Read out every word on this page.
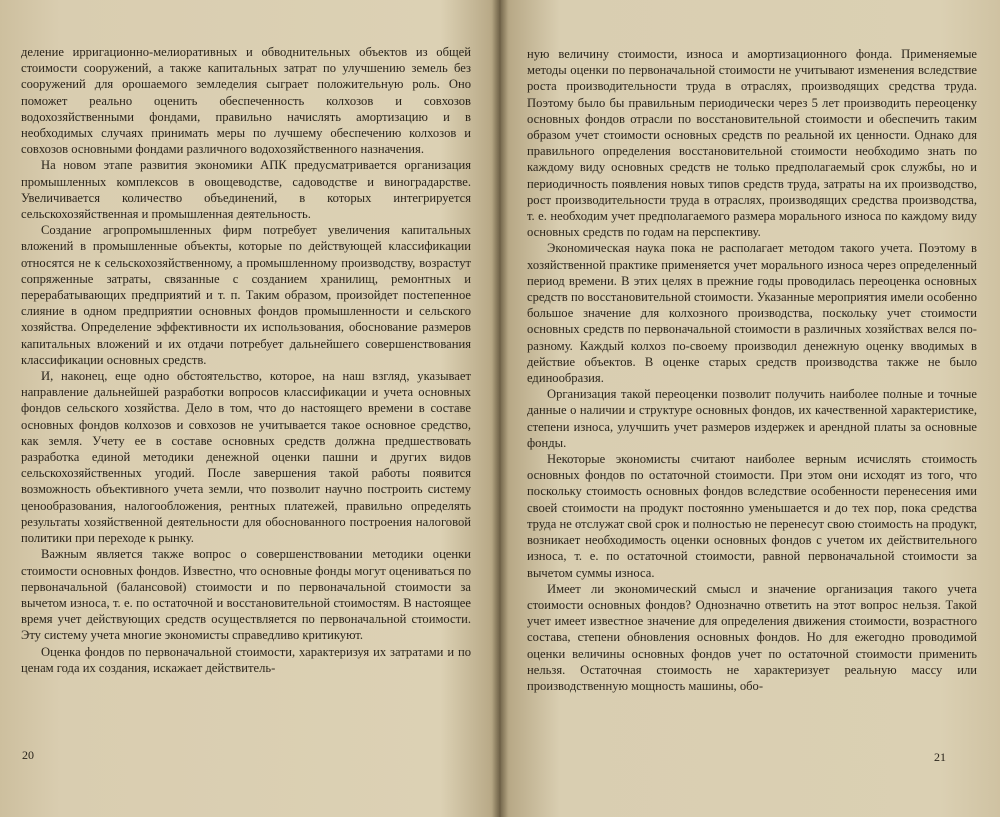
деление ирригационно-мелиоративных и обводнительных объектов из общей стоимости сооружений, а также капитальных затрат по улучшению земель без сооружений для орошаемого земледелия сыграет положительную роль. Оно поможет реально оценить обеспеченность колхозов и совхозов водохозяйственными фондами, правильно начислять амортизацию и в необходимых случаях принимать меры по лучшему обеспечению колхозов и совхозов основными фондами различного водохозяйственного назначения.

На новом этапе развития экономики АПК предусматривается организация промышленных комплексов в овощеводстве, садоводстве и виноградарстве. Увеличивается количество объединений, в которых интегрируется сельскохозяйственная и промышленная деятельность.

Создание агропромышленных фирм потребует увеличения капитальных вложений в промышленные объекты, которые по действующей классификации относятся не к сельскохозяйственному, а промышленному производству, возрастут сопряженные затраты, связанные с созданием хранилищ, ремонтных и перерабатывающих предприятий и т. п. Таким образом, произойдет постепенное слияние в одном предприятии основных фондов промышленности и сельского хозяйства. Определение эффективности их использования, обоснование размеров капитальных вложений и их отдачи потребует дальнейшего совершенствования классификации основных средств.

И, наконец, еще одно обстоятельство, которое, на наш взгляд, указывает направление дальнейшей разработки вопросов классификации и учета основных фондов сельского хозяйства. Дело в том, что до настоящего времени в составе основных фондов колхозов и совхозов не учитывается такое основное средство, как земля. Учету ее в составе основных средств должна предшествовать разработка единой методики денежной оценки пашни и других видов сельскохозяйственных угодий. После завершения такой работы появится возможность объективного учета земли, что позволит научно построить систему ценообразования, налогообложения, рентных платежей, правильно определять результаты хозяйственной деятельности для обоснованного построения налоговой политики при переходе к рынку.

Важным является также вопрос о совершенствовании методики оценки стоимости основных фондов. Известно, что основные фонды могут оцениваться по первоначальной (балансовой) стоимости и по первоначальной стоимости за вычетом износа, т. е. по остаточной и восстановительной стоимостям. В настоящее время учет действующих средств осуществляется по первоначальной стоимости. Эту систему учета многие экономисты справедливо критикуют.

Оценка фондов по первоначальной стоимости, характеризуя их затратами и по ценам года их создания, искажает действитель-

20

ную величину стоимости, износа и амортизационного фонда. Применяемые методы оценки по первоначальной стоимости не учитывают изменения вследствие роста производительности труда в отраслях, производящих средства труда. Поэтому было бы правильным периодически через 5 лет производить переоценку основных фондов отрасли по восстановительной стоимости и обеспечить таким образом учет стоимости основных средств по реальной их ценности. Однако для правильного определения восстановительной стоимости необходимо знать по каждому виду основных средств не только предполагаемый срок службы, но и периодичность появления новых типов средств труда, затраты на их производство, рост производительности труда в отраслях, производящих средства производства, т. е. необходим учет предполагаемого размера морального износа по каждому виду основных средств по годам на перспективу.

Экономическая наука пока не располагает методом такого учета. Поэтому в хозяйственной практике применяется учет морального износа через определенный период времени. В этих целях в прежние годы проводилась переоценка основных средств по восстановительной стоимости. Указанные мероприятия имели особенно большое значение для колхозного производства, поскольку учет стоимости основных средств по первоначальной стоимости в различных хозяйствах велся по-разному. Каждый колхоз по-своему производил денежную оценку вводимых в действие объектов. В оценке старых средств производства также не было единообразия.

Организация такой переоценки позволит получить наиболее полные и точные данные о наличии и структуре основных фондов, их качественной характеристике, степени износа, улучшить учет размеров издержек и арендной платы за основные фонды.

Некоторые экономисты считают наиболее верным исчислять стоимость основных фондов по остаточной стоимости. При этом они исходят из того, что поскольку стоимость основных фондов вследствие особенности перенесения ими своей стоимости на продукт постоянно уменьшается и до тех пор, пока средства труда не отслужат свой срок и полностью не перенесут свою стоимость на продукт, возникает необходимость оценки основных фондов с учетом их действительного износа, т. е. по остаточной стоимости, равной первоначальной стоимости за вычетом суммы износа.

Имеет ли экономический смысл и значение организация такого учета стоимости основных фондов? Однозначно ответить на этот вопрос нельзя. Такой учет имеет известное значение для определения движения стоимости, возрастного состава, степени обновления основных фондов. Но для ежегодно проводимой оценки величины основных фондов учет по остаточной стоимости применить нельзя. Остаточная стоимость не характеризует реальную массу или производственную мощность машины, обо-

21
